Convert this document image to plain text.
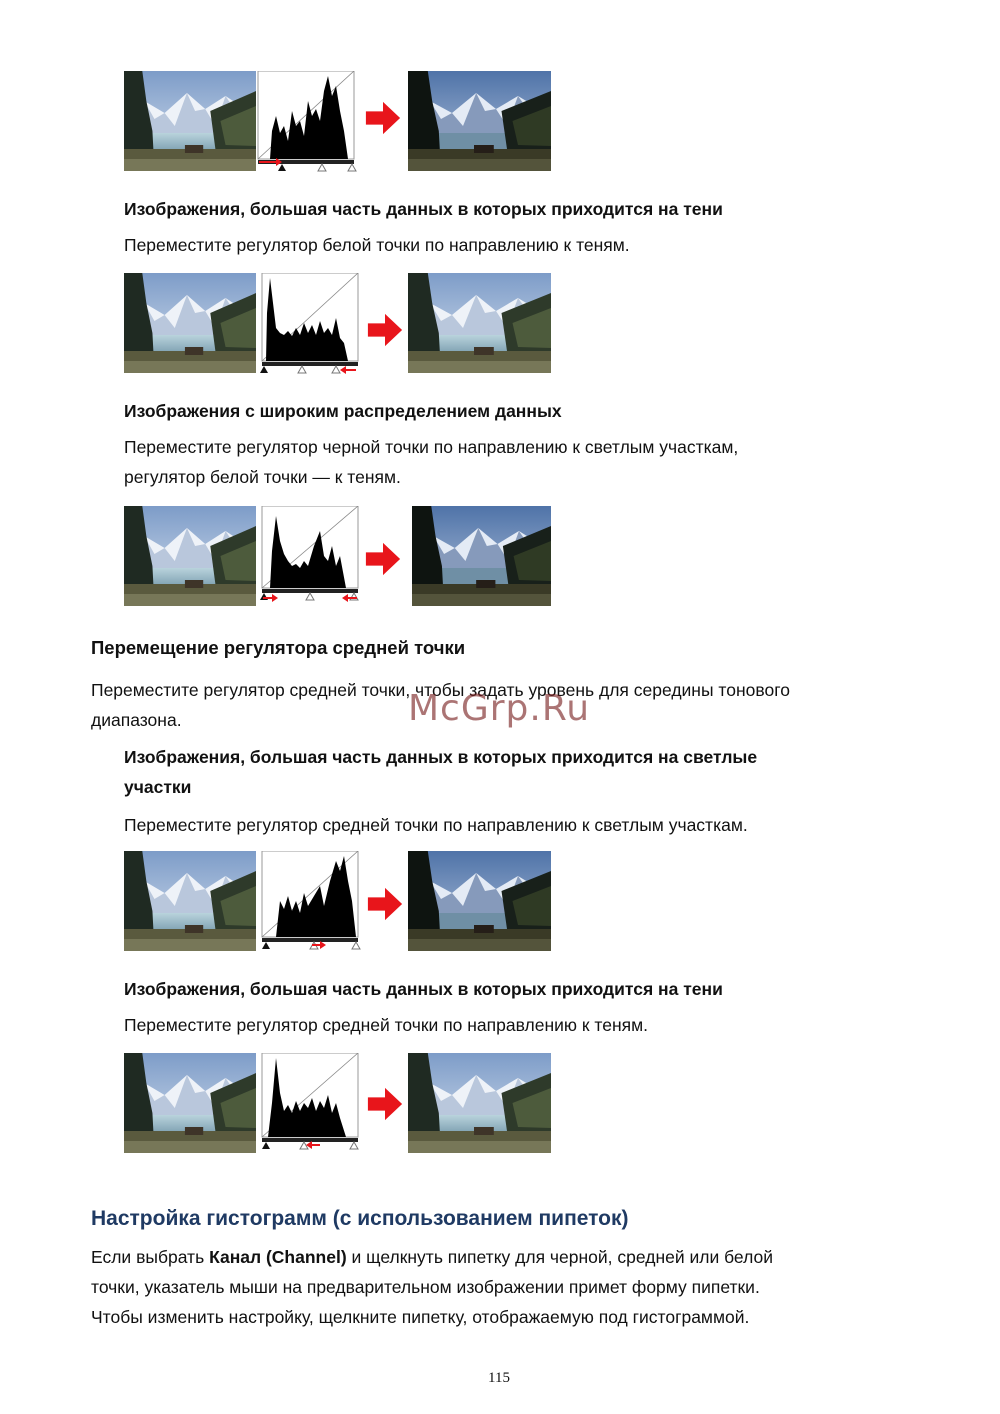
Изображения, большая часть данных в которых приходится на тени
Переместите регулятор белой точки по направлению к теням.
Изображения с широким распределением данных
Переместите регулятор черной точки по направлению к светлым участкам,
регулятор белой точки — к теням.
Перемещение регулятора средней точки
Переместите регулятор средней точки, чтобы задать уровень для середины тонового
диапазона.
Изображения, большая часть данных в которых приходится на светлые
участки
Переместите регулятор средней точки по направлению к светлым участкам.
Изображения, большая часть данных в которых приходится на тени
Переместите регулятор средней точки по направлению к теням.
Настройка гистограмм (с использованием пипеток)
Если выбрать Канал (Channel) и щелкнуть пипетку для черной, средней или белой
точки, указатель мыши на предварительном изображении примет форму пипетки.
Чтобы изменить настройку, щелкните пипетку, отображаемую под гистограммой.
McGrp.Ru
115
